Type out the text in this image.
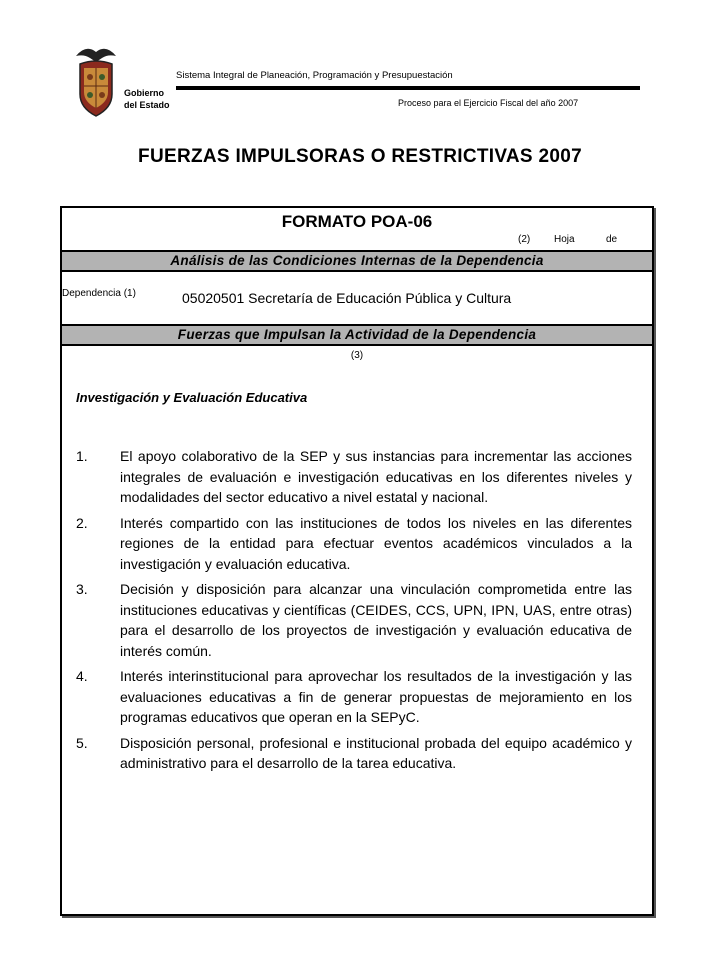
Gobierno
del Estado
Sistema Integral de Planeación, Programación y Presupuestación
Proceso para el Ejercicio Fiscal del año 2007
FUERZAS IMPULSORAS O RESTRICTIVAS 2007
FORMATO POA-06
(2) Hoja	de
Análisis de las Condiciones Internas de la Dependencia
Dependencia (1)	05020501 Secretaría de Educación Pública y Cultura
Fuerzas que Impulsan la Actividad de la Dependencia
(3)
Investigación y Evaluación Educativa
1. El apoyo colaborativo de la SEP y sus instancias para incrementar las acciones integrales de evaluación e investigación educativas en los diferentes niveles y modalidades del sector educativo a nivel estatal y nacional.
2. Interés compartido con las instituciones de todos los niveles en las diferentes regiones de la entidad para efectuar eventos académicos vinculados a la investigación y evaluación educativa.
3. Decisión y disposición para alcanzar una vinculación comprometida entre las instituciones educativas y científicas (CEIDES, CCS, UPN, IPN, UAS, entre otras) para el desarrollo de los proyectos de investigación y evaluación educativa de interés común.
4. Interés interinstitucional para aprovechar los resultados de la investigación y las evaluaciones educativas a fin de generar propuestas de mejoramiento en los programas educativos que operan en la SEPyC.
5. Disposición personal, profesional e institucional probada del equipo académico y administrativo para el desarrollo de la tarea educativa.
